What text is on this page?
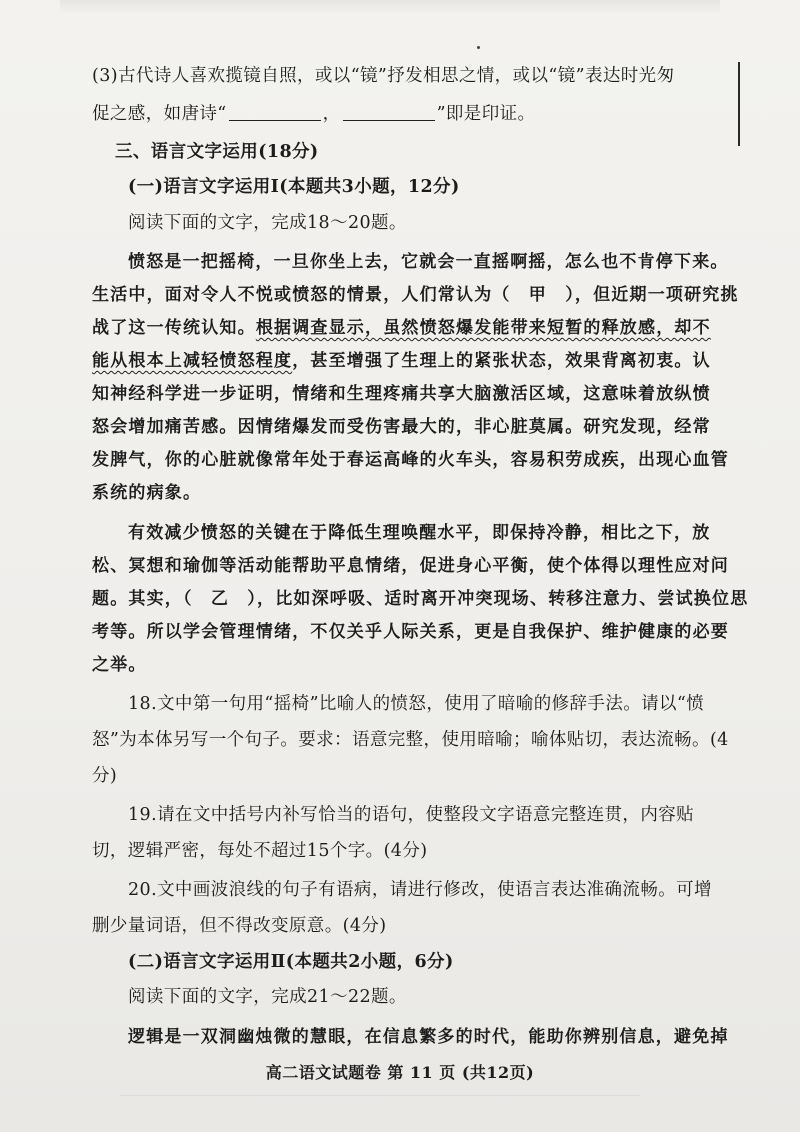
(3)古代诗人喜欢揽镜自照，或以“镜”抒发相思之情，或以“镜”表达时光匆
促之感，如唐诗“	，	”即是印证。
三、语言文字运用(18分)
(一)语言文字运用Ⅰ(本题共3小题，12分)
阅读下面的文字，完成18～20题。
愤怒是一把摇椅，一旦你坐上去，它就会一直摇啊摇，怎么也不肯停下来。
生活中，面对令人不悦或愤怒的情景，人们常认为（　甲　），但近期一项研究挑
战了这一传统认知。根据调查显示，虽然愤怒爆发能带来短暂的释放感，却不
能从根本上减轻愤怒程度，甚至增强了生理上的紧张状态，效果背离初衷。认
知神经科学进一步证明，情绪和生理疼痛共享大脑激活区域，这意味着放纵愤
怒会增加痛苦感。因情绪爆发而受伤害最大的，非心脏莫属。研究发现，经常
发脾气，你的心脏就像常年处于春运高峰的火车头，容易积劳成疾，出现心血管
系统的病象。
有效减少愤怒的关键在于降低生理唤醒水平，即保持冷静，相比之下，放
松、冥想和瑜伽等活动能帮助平息情绪，促进身心平衡，使个体得以理性应对问
题。其实，（　乙　），比如深呼吸、适时离开冲突现场、转移注意力、尝试换位思
考等。所以学会管理情绪，不仅关乎人际关系，更是自我保护、维护健康的必要
之举。
18.文中第一句用“摇椅”比喻人的愤怒，使用了暗喻的修辞手法。请以“愤
怒”为本体另写一个句子。要求：语意完整，使用暗喻；喻体贴切，表达流畅。(4
分)
19.请在文中括号内补写恰当的语句，使整段文字语意完整连贯，内容贴
切，逻辑严密，每处不超过15个字。(4分)
20.文中画波浪线的句子有语病，请进行修改，使语言表达准确流畅。可增
删少量词语，但不得改变原意。(4分)
(二)语言文字运用Ⅱ(本题共2小题，6分)
阅读下面的文字，完成21～22题。
逻辑是一双洞幽烛微的慧眼，在信息繁多的时代，能助你辨别信息，避免掉
高二语文试题卷 第 11 页 (共12页)
